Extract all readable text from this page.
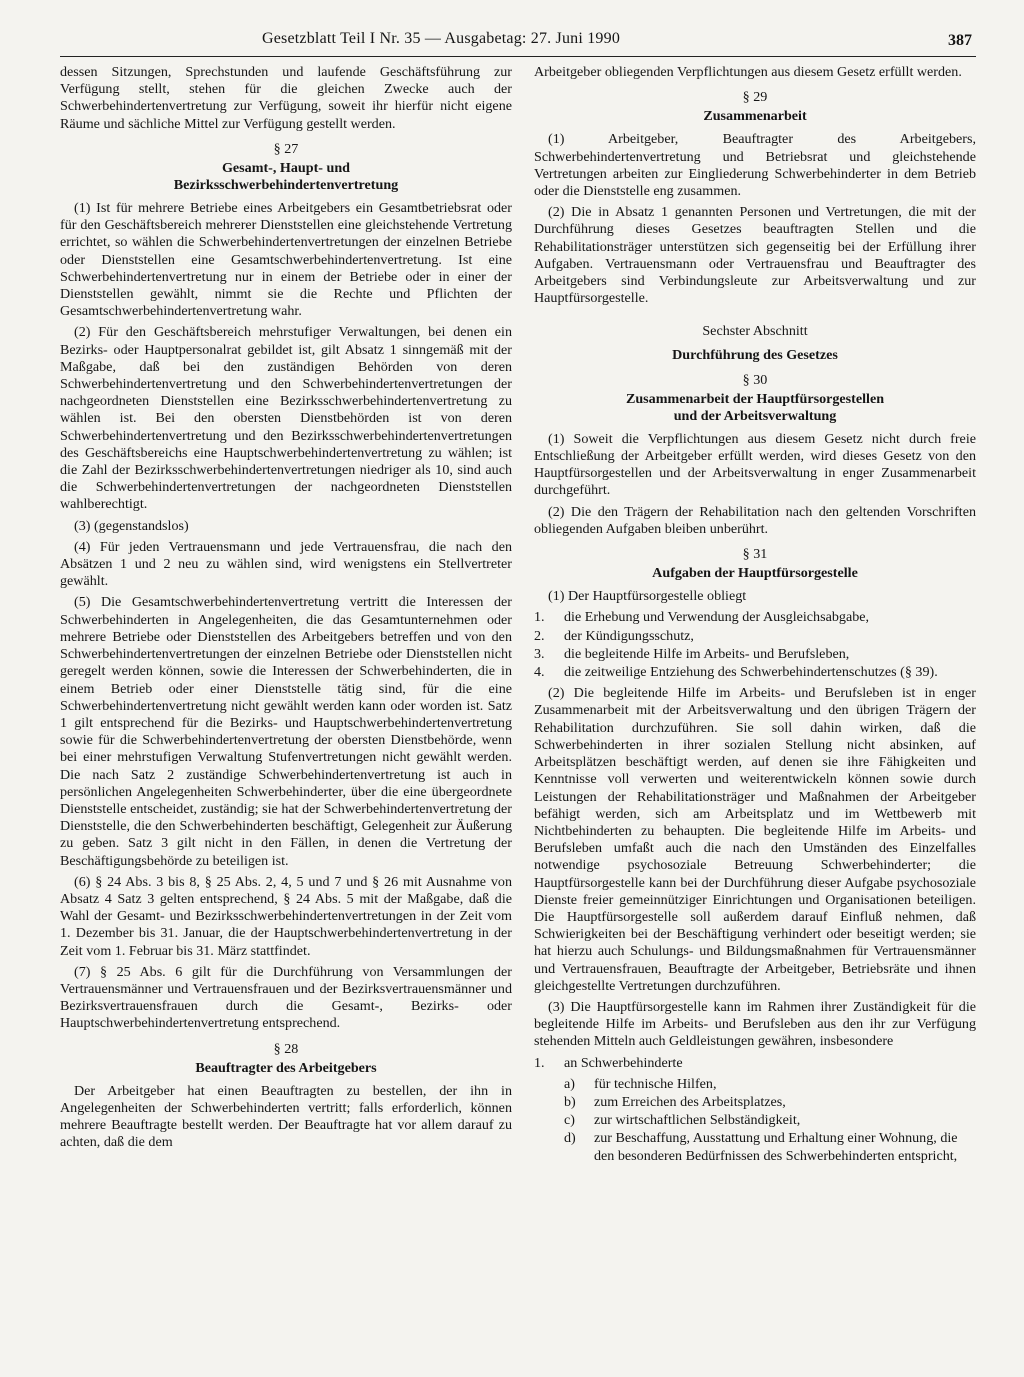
Gesetzblatt Teil I Nr. 35 — Ausgabetag: 27. Juni 1990	387

dessen Sitzungen, Sprechstunden und laufende Geschäftsführung zur Verfügung stellt, stehen für die gleichen Zwecke auch der Schwerbehindertenvertretung zur Verfügung, soweit ihr hierfür nicht eigene Räume und sächliche Mittel zur Verfügung gestellt werden.

§ 27
Gesamt-, Haupt- und
Bezirksschwerbehindertenvertretung

(1) Ist für mehrere Betriebe eines Arbeitgebers ein Gesamtbetriebsrat oder für den Geschäftsbereich mehrerer Dienststellen eine gleichstehende Vertretung errichtet, so wählen die Schwerbehindertenvertretungen der einzelnen Betriebe oder Dienststellen eine Gesamtschwerbehindertenvertretung. Ist eine Schwerbehindertenvertretung nur in einem der Betriebe oder in einer der Dienststellen gewählt, nimmt sie die Rechte und Pflichten der Gesamtschwerbehindertenvertretung wahr.

(2) Für den Geschäftsbereich mehrstufiger Verwaltungen, bei denen ein Bezirks- oder Hauptpersonalrat gebildet ist, gilt Absatz 1 sinngemäß mit der Maßgabe, daß bei den zuständigen Behörden von deren Schwerbehindertenvertretung und den Schwerbehindertenvertretungen der nachgeordneten Dienststellen eine Bezirksschwerbehindertenvertretung zu wählen ist. Bei den obersten Dienstbehörden ist von deren Schwerbehindertenvertretung und den Bezirksschwerbehindertenvertretungen des Geschäftsbereichs eine Hauptschwerbehindertenvertretung zu wählen; ist die Zahl der Bezirksschwerbehindertenvertretungen niedriger als 10, sind auch die Schwerbehindertenvertretungen der nachgeordneten Dienststellen wahlberechtigt.

(3) (gegenstandslos)

(4) Für jeden Vertrauensmann und jede Vertrauensfrau, die nach den Absätzen 1 und 2 neu zu wählen sind, wird wenigstens ein Stellvertreter gewählt.

(5) Die Gesamtschwerbehindertenvertretung vertritt die Interessen der Schwerbehinderten in Angelegenheiten, die das Gesamtunternehmen oder mehrere Betriebe oder Dienststellen des Arbeitgebers betreffen und von den Schwerbehindertenvertretungen der einzelnen Betriebe oder Dienststellen nicht geregelt werden können, sowie die Interessen der Schwerbehinderten, die in einem Betrieb oder einer Dienststelle tätig sind, für die eine Schwerbehindertenvertretung nicht gewählt werden kann oder worden ist. Satz 1 gilt entsprechend für die Bezirks- und Hauptschwerbehindertenvertretung sowie für die Schwerbehindertenvertretung der obersten Dienstbehörde, wenn bei einer mehrstufigen Verwaltung Stufenvertretungen nicht gewählt werden. Die nach Satz 2 zuständige Schwerbehindertenvertretung ist auch in persönlichen Angelegenheiten Schwerbehinderter, über die eine übergeordnete Dienststelle entscheidet, zuständig; sie hat der Schwerbehindertenvertretung der Dienststelle, die den Schwerbehinderten beschäftigt, Gelegenheit zur Äußerung zu geben. Satz 3 gilt nicht in den Fällen, in denen die Vertretung der Beschäftigungsbehörde zu beteiligen ist.

(6) § 24 Abs. 3 bis 8, § 25 Abs. 2, 4, 5 und 7 und § 26 mit Ausnahme von Absatz 4 Satz 3 gelten entsprechend, § 24 Abs. 5 mit der Maßgabe, daß die Wahl der Gesamt- und Bezirksschwerbehindertenvertretungen in der Zeit vom 1. Dezember bis 31. Januar, die der Hauptschwerbehindertenvertretung in der Zeit vom 1. Februar bis 31. März stattfindet.

(7) § 25 Abs. 6 gilt für die Durchführung von Versammlungen der Vertrauensmänner und Vertrauensfrauen und der Bezirksvertrauensmänner und Bezirksvertrauensfrauen durch die Gesamt-, Bezirks- oder Hauptschwerbehindertenvertretung entsprechend.

§ 28
Beauftragter des Arbeitgebers

Der Arbeitgeber hat einen Beauftragten zu bestellen, der ihn in Angelegenheiten der Schwerbehinderten vertritt; falls erforderlich, können mehrere Beauftragte bestellt werden. Der Beauftragte hat vor allem darauf zu achten, daß die dem

Arbeitgeber obliegenden Verpflichtungen aus diesem Gesetz erfüllt werden.

§ 29
Zusammenarbeit

(1) Arbeitgeber, Beauftragter des Arbeitgebers, Schwerbehindertenvertretung und Betriebsrat und gleichstehende Vertretungen arbeiten zur Eingliederung Schwerbehinderter in dem Betrieb oder die Dienststelle eng zusammen.

(2) Die in Absatz 1 genannten Personen und Vertretungen, die mit der Durchführung dieses Gesetzes beauftragten Stellen und die Rehabilitationsträger unterstützen sich gegenseitig bei der Erfüllung ihrer Aufgaben. Vertrauensmann oder Vertrauensfrau und Beauftragter des Arbeitgebers sind Verbindungsleute zur Arbeitsverwaltung und zur Hauptfürsorgestelle.

Sechster Abschnitt
Durchführung des Gesetzes
§ 30
Zusammenarbeit der Hauptfürsorgestellen
und der Arbeitsverwaltung

(1) Soweit die Verpflichtungen aus diesem Gesetz nicht durch freie Entschließung der Arbeitgeber erfüllt werden, wird dieses Gesetz von den Hauptfürsorgestellen und der Arbeitsverwaltung in enger Zusammenarbeit durchgeführt.

(2) Die den Trägern der Rehabilitation nach den geltenden Vorschriften obliegenden Aufgaben bleiben unberührt.

§ 31
Aufgaben der Hauptfürsorgestelle

(1) Der Hauptfürsorgestelle obliegt

1. die Erhebung und Verwendung der Ausgleichsabgabe,
2. der Kündigungsschutz,
3. die begleitende Hilfe im Arbeits- und Berufsleben,
4. die zeitweilige Entziehung des Schwerbehindertenschutzes (§ 39).

(2) Die begleitende Hilfe im Arbeits- und Berufsleben ist in enger Zusammenarbeit mit der Arbeitsverwaltung und den übrigen Trägern der Rehabilitation durchzuführen. Sie soll dahin wirken, daß die Schwerbehinderten in ihrer sozialen Stellung nicht absinken, auf Arbeitsplätzen beschäftigt werden, auf denen sie ihre Fähigkeiten und Kenntnisse voll verwerten und weiterentwickeln können sowie durch Leistungen der Rehabilitationsträger und Maßnahmen der Arbeitgeber befähigt werden, sich am Arbeitsplatz und im Wettbewerb mit Nichtbehinderten zu behaupten. Die begleitende Hilfe im Arbeits- und Berufsleben umfaßt auch die nach den Umständen des Einzelfalles notwendige psychosoziale Betreuung Schwerbehinderter; die Hauptfürsorgestelle kann bei der Durchführung dieser Aufgabe psychosoziale Dienste freier gemeinnütziger Einrichtungen und Organisationen beteiligen. Die Hauptfürsorgestelle soll außerdem darauf Einfluß nehmen, daß Schwierigkeiten bei der Beschäftigung verhindert oder beseitigt werden; sie hat hierzu auch Schulungs- und Bildungsmaßnahmen für Vertrauensmänner und Vertrauensfrauen, Beauftragte der Arbeitgeber, Betriebsräte und ihnen gleichgestellte Vertretungen durchzuführen.

(3) Die Hauptfürsorgestelle kann im Rahmen ihrer Zuständigkeit für die begleitende Hilfe im Arbeits- und Berufsleben aus den ihr zur Verfügung stehenden Mitteln auch Geldleistungen gewähren, insbesondere

1. an Schwerbehinderte
a) für technische Hilfen,
b) zum Erreichen des Arbeitsplatzes,
c) zur wirtschaftlichen Selbständigkeit,
d) zur Beschaffung, Ausstattung und Erhaltung einer Wohnung, die den besonderen Bedürfnissen des Schwerbehinderten entspricht,
